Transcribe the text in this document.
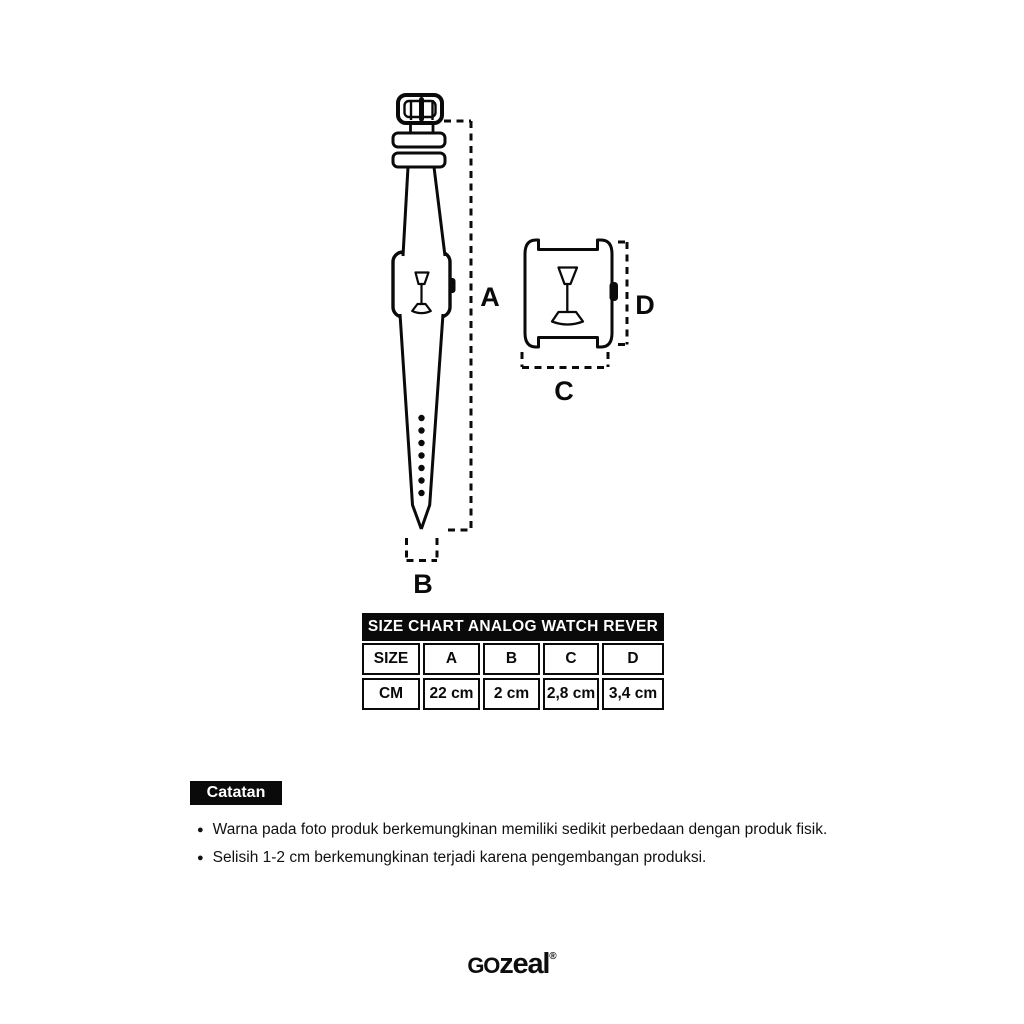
A
B
C
D
SIZE CHART ANALOG WATCH REVER
SIZE	A	B	C	D
CM	22 cm	2 cm	2,8 cm 3,4 cm
Catatan
● Warna pada foto produk berkemungkinan memiliki sedikit perbedaan dengan produk fisik.
● Selisih 1-2 cm berkemungkinan terjadi karena pengembangan produksi.
GOzeal®
